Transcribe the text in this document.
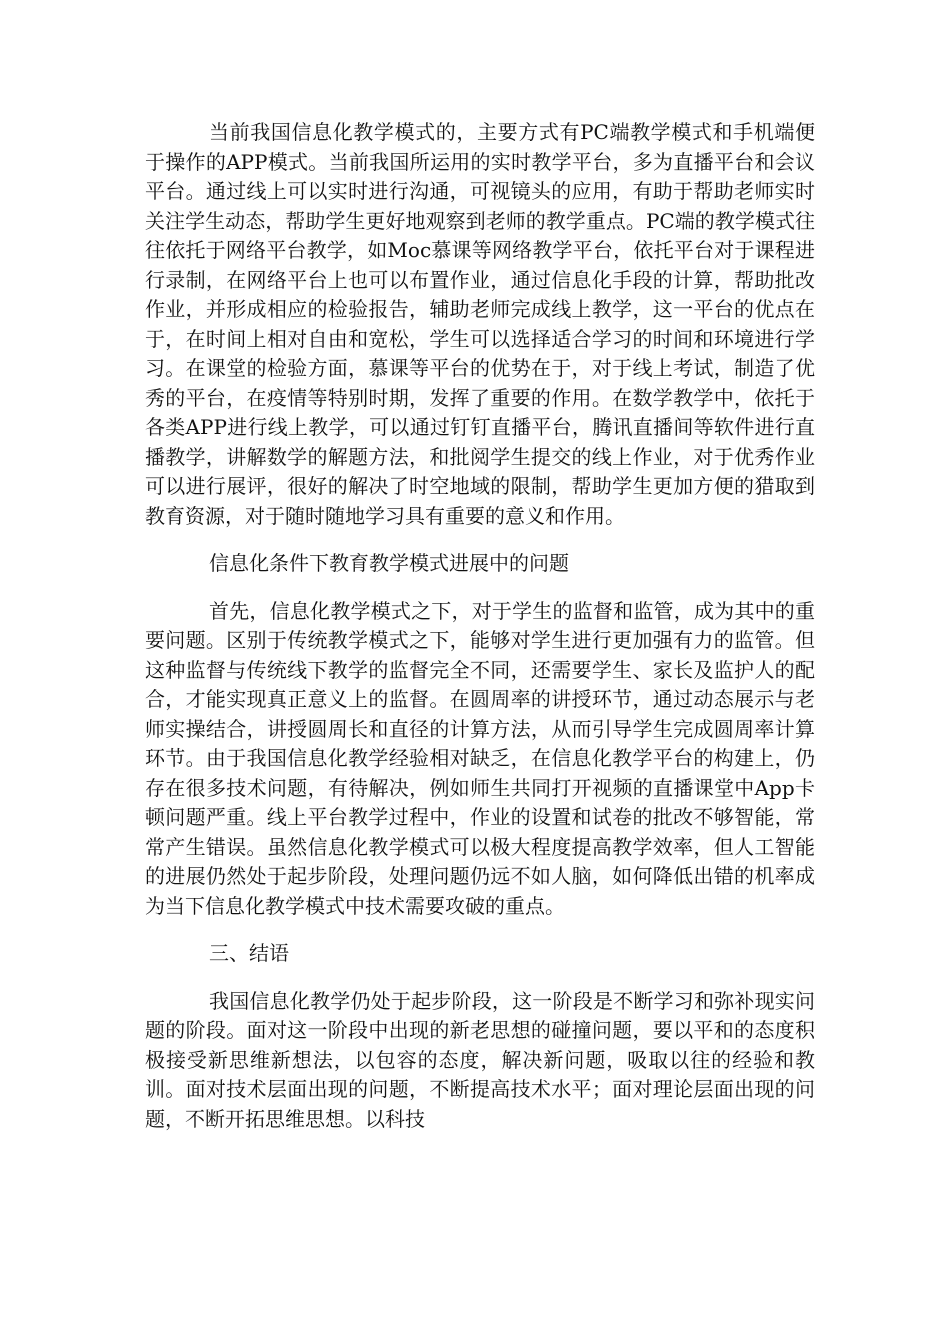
当前我国信息化教学模式的，主要方式有PC端教学模式和手机端便于操作的APP模式。当前我国所运用的实时教学平台，多为直播平台和会议平台。通过线上可以实时进行沟通，可视镜头的应用，有助于帮助老师实时关注学生动态，帮助学生更好地观察到老师的教学重点。PC端的教学模式往往依托于网络平台教学，如Moc慕课等网络教学平台，依托平台对于课程进行录制，在网络平台上也可以布置作业，通过信息化手段的计算，帮助批改作业，并形成相应的检验报告，辅助老师完成线上教学，这一平台的优点在于，在时间上相对自由和宽松，学生可以选择适合学习的时间和环境进行学习。在课堂的检验方面，慕课等平台的优势在于，对于线上考试，制造了优秀的平台，在疫情等特别时期，发挥了重要的作用。在数学教学中，依托于各类APP进行线上教学，可以通过钉钉直播平台，腾讯直播间等软件进行直播教学，讲解数学的解题方法，和批阅学生提交的线上作业，对于优秀作业可以进行展评，很好的解决了时空地域的限制，帮助学生更加方便的猎取到教育资源，对于随时随地学习具有重要的意义和作用。

信息化条件下教育教学模式进展中的问题

首先，信息化教学模式之下，对于学生的监督和监管，成为其中的重要问题。区别于传统教学模式之下，能够对学生进行更加强有力的监管。但这种监督与传统线下教学的监督完全不同，还需要学生、家长及监护人的配合，才能实现真正意义上的监督。在圆周率的讲授环节，通过动态展示与老师实操结合，讲授圆周长和直径的计算方法，从而引导学生完成圆周率计算环节。由于我国信息化教学经验相对缺乏，在信息化教学平台的构建上，仍存在很多技术问题，有待解决，例如师生共同打开视频的直播课堂中App卡顿问题严重。线上平台教学过程中，作业的设置和试卷的批改不够智能，常常产生错误。虽然信息化教学模式可以极大程度提高教学效率，但人工智能的进展仍然处于起步阶段，处理问题仍远不如人脑，如何降低出错的机率成为当下信息化教学模式中技术需要攻破的重点。

三、结语

我国信息化教学仍处于起步阶段，这一阶段是不断学习和弥补现实问题的阶段。面对这一阶段中出现的新老思想的碰撞问题，要以平和的态度积极接受新思维新想法，以包容的态度，解决新问题，吸取以往的经验和教训。面对技术层面出现的问题，不断提高技术水平；面对理论层面出现的问题，不断开拓思维思想。以科技
